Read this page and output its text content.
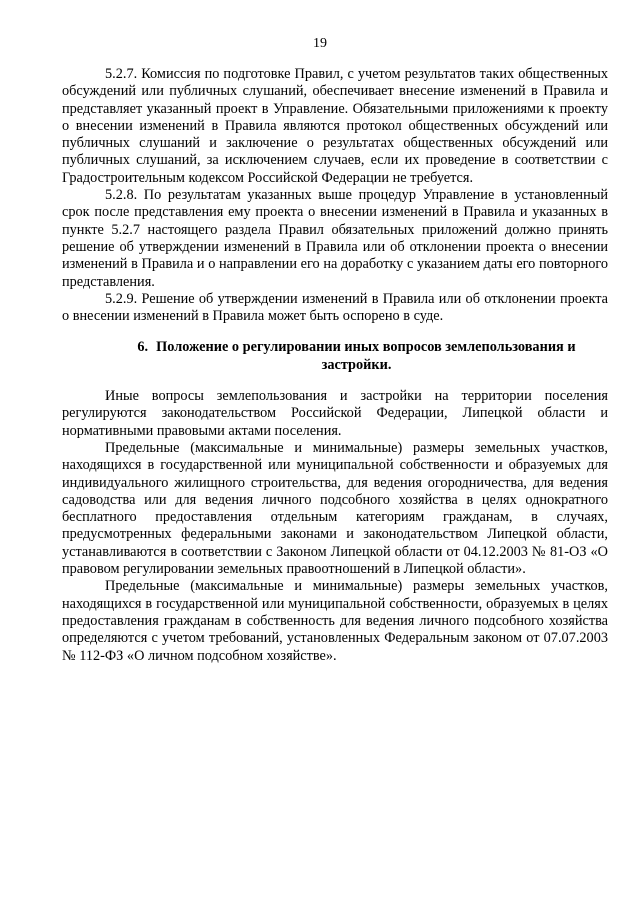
19

5.2.7. Комиссия по подготовке Правил, с учетом результатов таких общественных обсуждений или публичных слушаний, обеспечивает внесение изменений в Правила и представляет указанный проект в Управление. Обязательными приложениями к проекту о внесении изменений в Правила являются протокол общественных обсуждений или публичных слушаний и заключение о результатах общественных обсуждений или публичных слушаний, за исключением случаев, если их проведение в соответствии с Градостроительным кодексом Российской Федерации не требуется.

5.2.8. По результатам указанных выше процедур Управление в установленный срок после представления ему проекта о внесении изменений в Правила и указанных в пункте 5.2.7 настоящего раздела Правил обязательных приложений должно принять решение об утверждении изменений в Правила или об отклонении проекта о внесении изменений в Правила и о направлении его на доработку с указанием даты его повторного представления.

5.2.9. Решение об утверждении изменений в Правила или об отклонении проекта о внесении изменений в Правила может быть оспорено в суде.

6. Положение о регулировании иных вопросов землепользования и застройки.

Иные вопросы землепользования и застройки на территории поселения регулируются законодательством Российской Федерации, Липецкой области и нормативными правовыми актами поселения.

Предельные (максимальные и минимальные) размеры земельных участков, находящихся в государственной или муниципальной собственности и образуемых для индивидуального жилищного строительства, для ведения огородничества, для ведения садоводства или для ведения личного подсобного хозяйства в целях однократного бесплатного предоставления отдельным категориям гражданам, в случаях, предусмотренных федеральными законами и законодательством Липецкой области, устанавливаются в соответствии с Законом Липецкой области от 04.12.2003 № 81-ОЗ «О правовом регулировании земельных правоотношений в Липецкой области».

Предельные (максимальные и минимальные) размеры земельных участков, находящихся в государственной или муниципальной собственности, образуемых в целях предоставления гражданам в собственность для ведения личного подсобного хозяйства определяются с учетом требований, установленных Федеральным законом от 07.07.2003 № 112-ФЗ «О личном подсобном хозяйстве».
